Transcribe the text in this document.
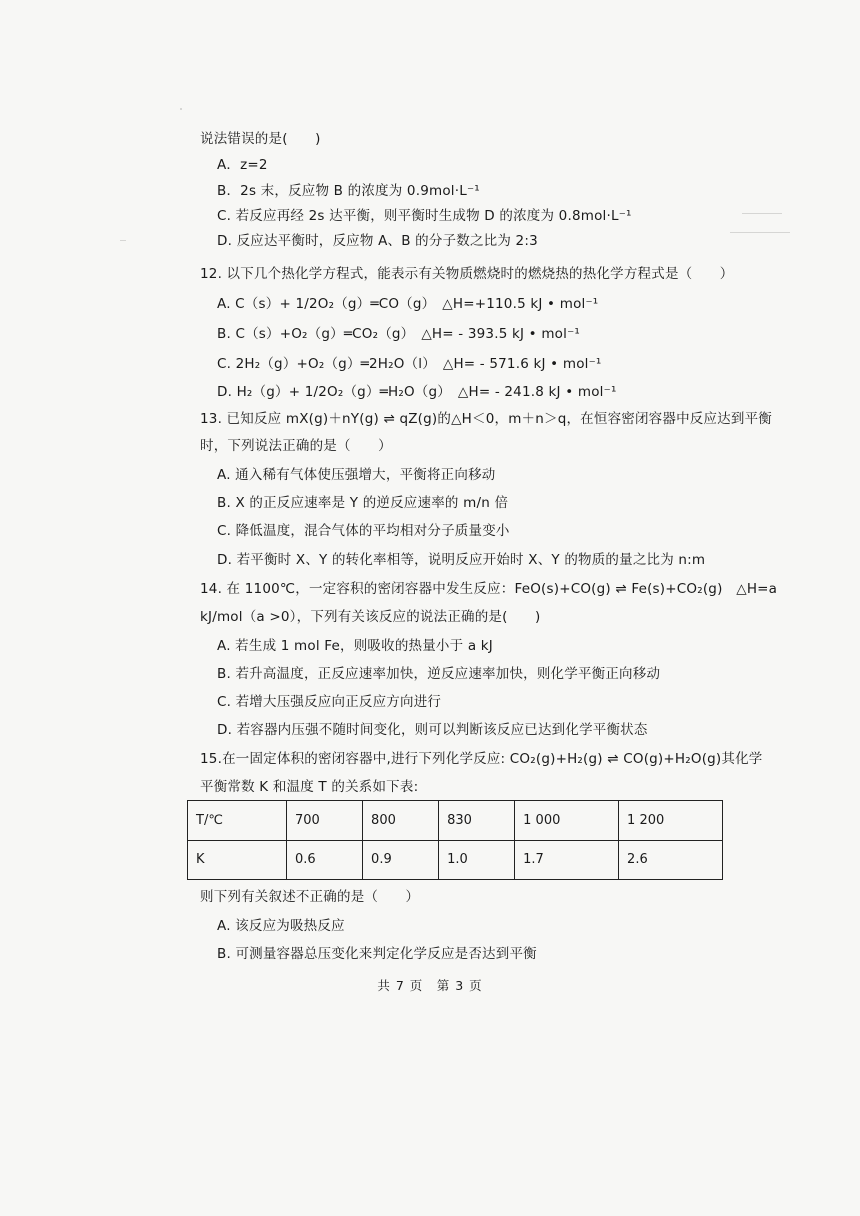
说法错误的是(　　)
A．z=2
B．2s 末，反应物 B 的浓度为 0.9mol·L⁻¹
C. 若反应再经 2s 达平衡，则平衡时生成物 D 的浓度为 0.8mol·L⁻¹
D. 反应达平衡时，反应物 A、B 的分子数之比为 2:3
12. 以下几个热化学方程式，能表示有关物质燃烧时的燃烧热的热化学方程式是（　　）
A. C（s）+ 1/2O₂（g）═CO（g）　△H=+110.5 kJ • mol⁻¹
B. C（s）+O₂（g）═CO₂（g）　△H= - 393.5 kJ • mol⁻¹
C. 2H₂（g）+O₂（g）═2H₂O（l）　△H= - 571.6 kJ • mol⁻¹
D. H₂（g）+ 1/2O₂（g）═H₂O（g）　△H= - 241.8 kJ • mol⁻¹
13. 已知反应 mX(g)＋nY(g) ⇌ qZ(g)的△H＜0，m＋n＞q，在恒容密闭容器中反应达到平衡
时，下列说法正确的是（　　）
A. 通入稀有气体使压强增大，平衡将正向移动
B. X 的正反应速率是 Y 的逆反应速率的 m/n 倍
C. 降低温度，混合气体的平均相对分子质量变小
D. 若平衡时 X、Y 的转化率相等，说明反应开始时 X、Y 的物质的量之比为 n:m
14. 在 1100℃，一定容积的密闭容器中发生反应：FeO(s)+CO(g) ⇌ Fe(s)+CO₂(g)　△H=a
kJ/mol（a >0），下列有关该反应的说法正确的是(　　)
A. 若生成 1 mol Fe，则吸收的热量小于 a kJ
B. 若升高温度，正反应速率加快，逆反应速率加快，则化学平衡正向移动
C. 若增大压强反应向正反应方向进行
D. 若容器内压强不随时间变化，则可以判断该反应已达到化学平衡状态
15.在一固定体积的密闭容器中,进行下列化学反应: CO₂(g)+H₂(g) ⇌ CO(g)+H₂O(g)其化学
平衡常数 K 和温度 T 的关系如下表:
T/℃	700	800	830	1 000	1 200
K	0.6	0.9	1.0	1.7	2.6
则下列有关叙述不正确的是（　　）
A. 该反应为吸热反应
B. 可测量容器总压变化来判定化学反应是否达到平衡
共 7 页　第 3 页
